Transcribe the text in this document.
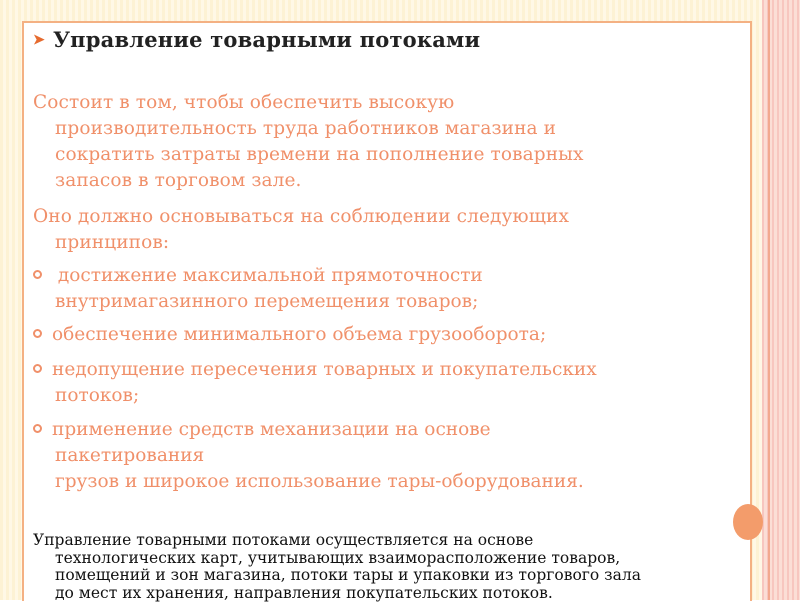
➤ Управление товарными потоками
Состоит в том, чтобы обеспечить высокую
производительность труда работников магазина и
сократить затраты времени на пополнение товарных
запасов в торговом зале.
Оно должно основываться на соблюдении следующих
принципов:
достижение максимальной прямоточности
внутримагазинного перемещения товаров;
обеспечение минимального объема грузооборота;
недопущение пересечения товарных и покупательских
потоков;
применение средств механизации на основе
пакетирования
грузов и широкое использование тары-оборудования.
Управление товарными потоками осуществляется на основе
технологических карт, учитывающих взаиморасположение товаров,
помещений и зон магазина, потоки тары и упаковки из торгового зала
до мест их хранения, направления покупательских потоков.
